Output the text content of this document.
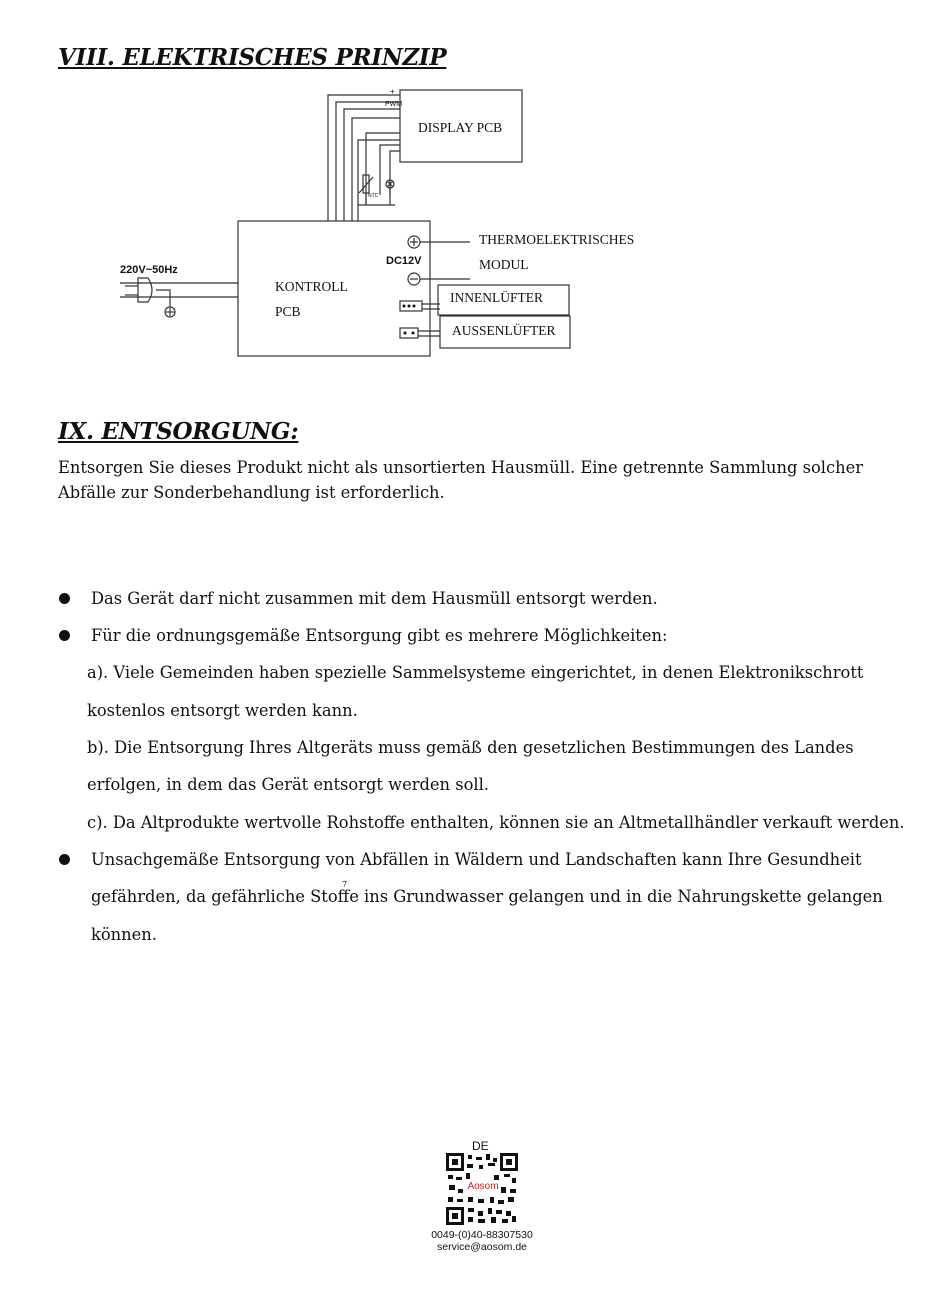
VIII. ELEKTRISCHES PRINZIP
DISPLAY PCB
KONTROLL
PCB
THERMOELEKTRISCHES
MODUL
INNENLÜFTER
AUSSENLÜFTER
220V~50Hz
DC12V
PWM
+
NTC
IX. ENTSORGUNG:
Entsorgen Sie dieses Produkt nicht als unsortierten Hausmüll. Eine getrennte Sammlung solcher
Abfälle zur Sonderbehandlung ist erforderlich.
Das Gerät darf nicht zusammen mit dem Hausmüll entsorgt werden.
Für die ordnungsgemäße Entsorgung gibt es mehrere Möglichkeiten:
a). Viele Gemeinden haben spezielle Sammelsysteme eingerichtet, in denen Elektronikschrott
kostenlos entsorgt werden kann.
b). Die Entsorgung Ihres Altgeräts muss gemäß den gesetzlichen Bestimmungen des Landes
erfolgen, in dem das Gerät entsorgt werden soll.
c). Da Altprodukte wertvolle Rohstoffe enthalten, können sie an Altmetallhändler verkauft werden.
Unsachgemäße Entsorgung von Abfällen in Wäldern und Landschaften kann Ihre Gesundheit
gefährden, da gefährliche Stoffe ins Grundwasser gelangen und in die Nahrungskette gelangen
können.
7
DE
Aosom
0049-(0)40-88307530
service@aosom.de
